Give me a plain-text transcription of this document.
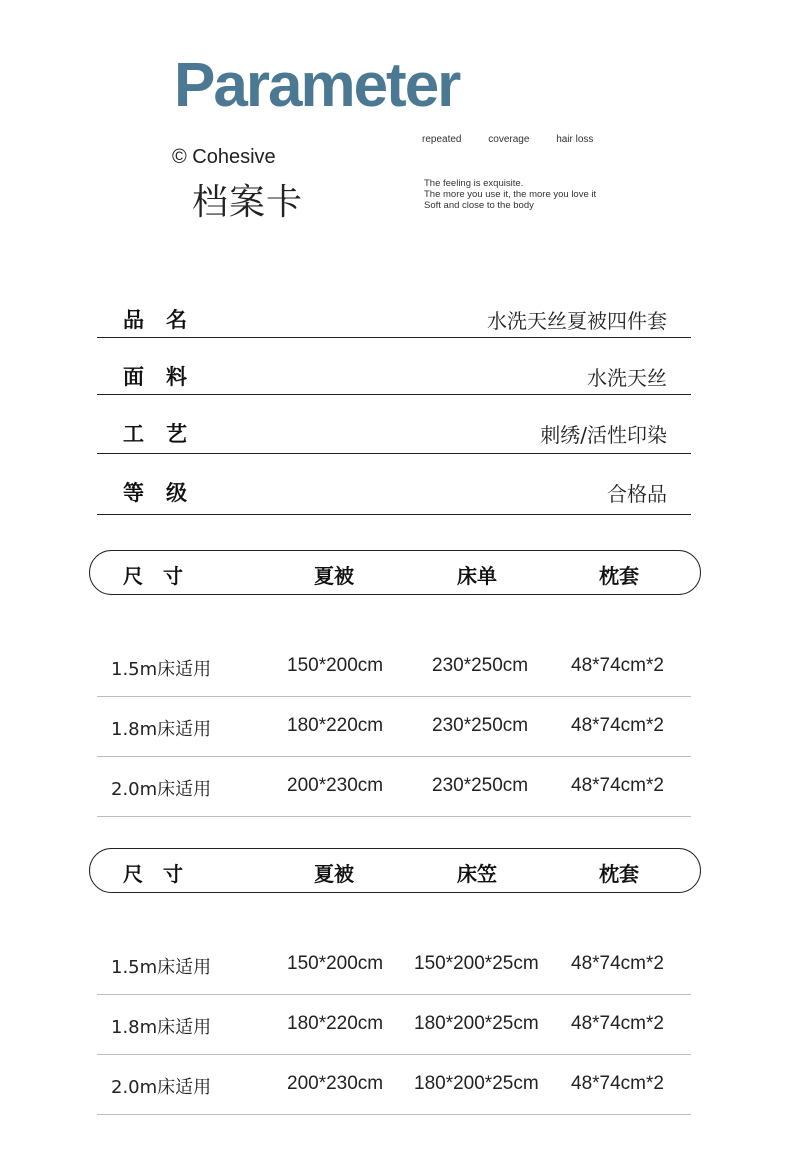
Parameter
© Cohesive
档案卡
repeated	coverage	hair loss
The feeling is exquisite.
The more you use it, the more you love it
Soft and close to the body
品名	水洗天丝夏被四件套
面料	水洗天丝
工艺	刺绣/活性印染
等级	合格品
尺寸	夏被	床单	枕套
1.5m床适用	150*200cm	230*250cm 48*74cm*2
1.8m床适用	180*220cm	230*250cm 48*74cm*2
2.0m床适用	200*230cm	230*250cm 48*74cm*2
尺寸	夏被	床笠	枕套
1.5m床适用	150*200cm 150*200*25cm 48*74cm*2
1.8m床适用	180*220cm 180*200*25cm 48*74cm*2
2.0m床适用	200*230cm 180*200*25cm 48*74cm*2
